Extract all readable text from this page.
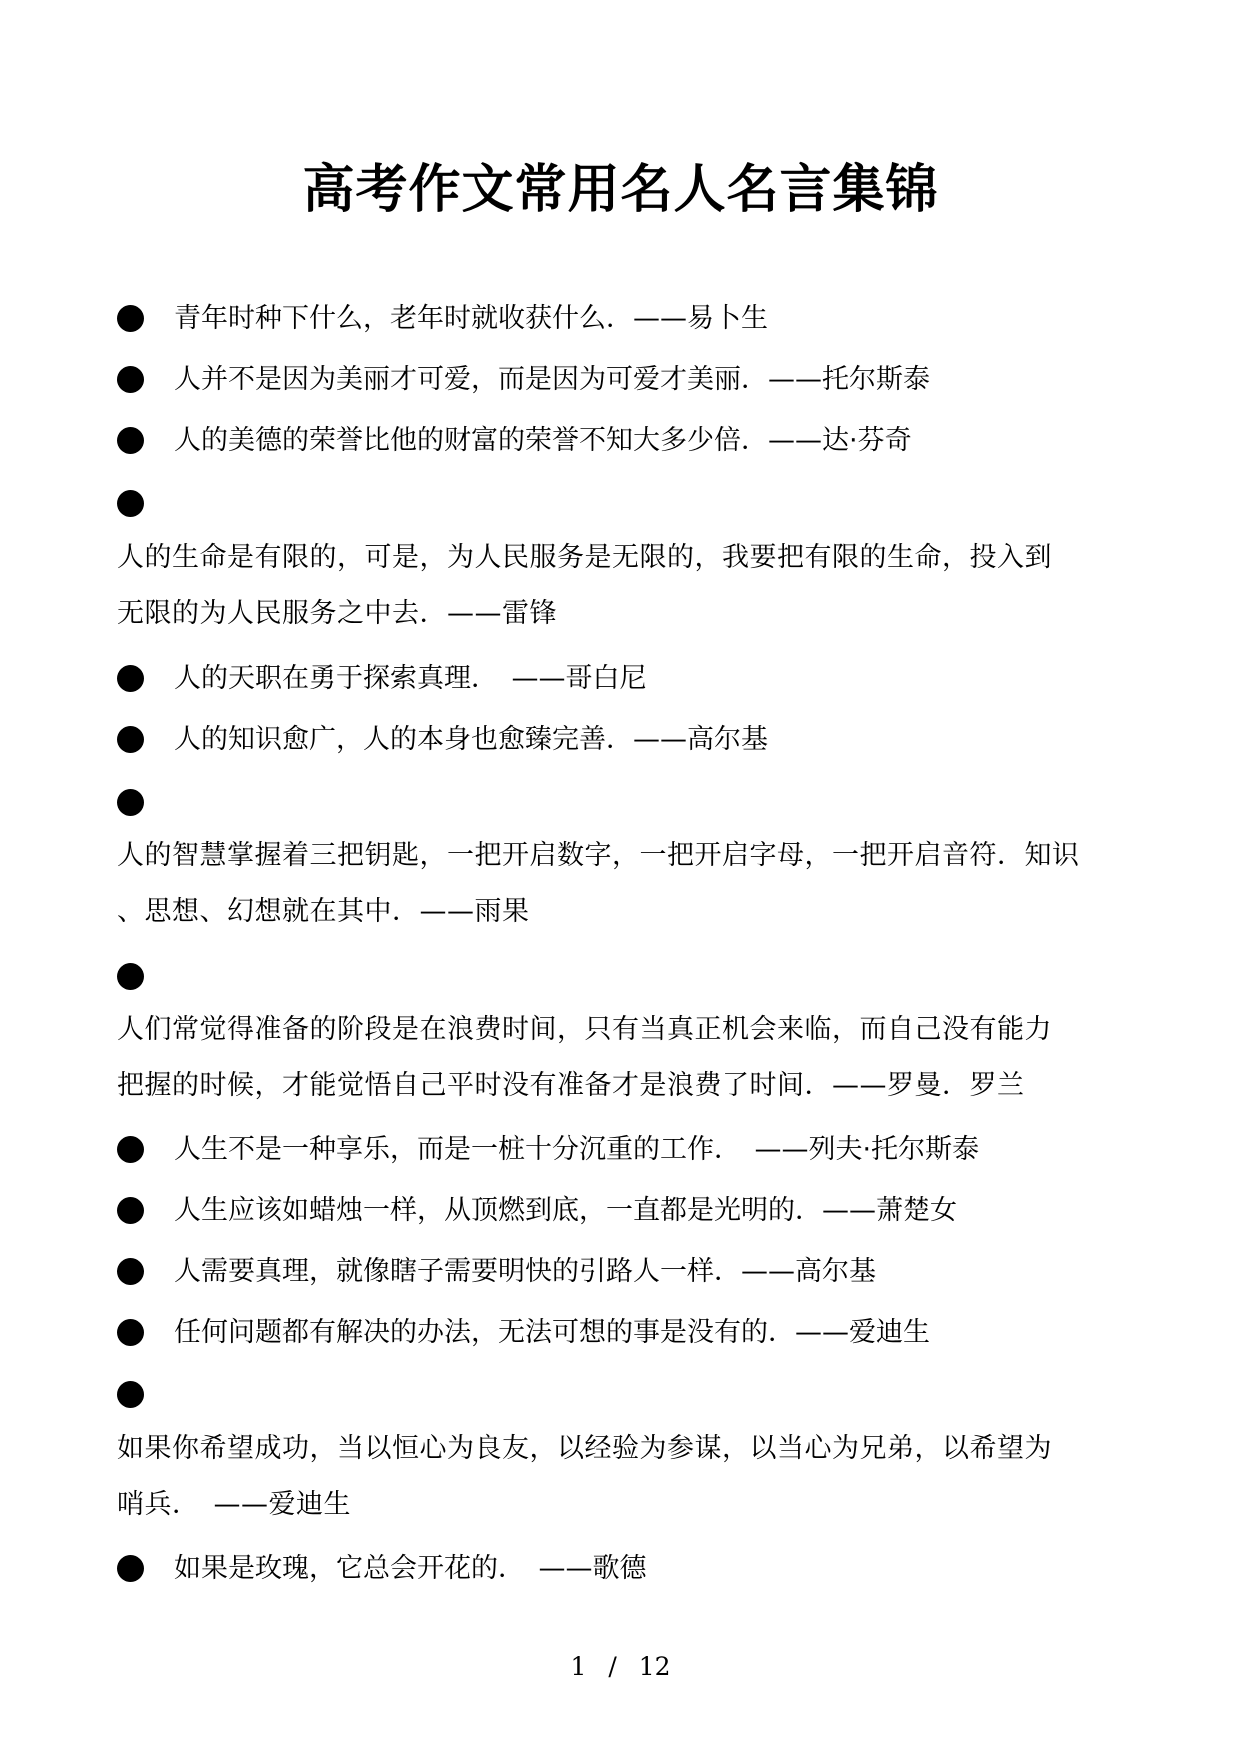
高考作文常用名人名言集锦
青年时种下什么，老年时就收获什么．——易卜生
人并不是因为美丽才可爱，而是因为可爱才美丽．——托尔斯泰
人的美德的荣誉比他的财富的荣誉不知大多少倍．——达·芬奇
人的生命是有限的，可是，为人民服务是无限的，我要把有限的生命，投入到
无限的为人民服务之中去．——雷锋
人的天职在勇于探索真理．　——哥白尼
人的知识愈广，人的本身也愈臻完善．——高尔基
人的智慧掌握着三把钥匙，一把开启数字，一把开启字母，一把开启音符．知识
、思想、幻想就在其中．——雨果
人们常觉得准备的阶段是在浪费时间，只有当真正机会来临，而自己没有能力
把握的时候，才能觉悟自己平时没有准备才是浪费了时间．——罗曼．罗兰
人生不是一种享乐，而是一桩十分沉重的工作．　——列夫·托尔斯泰
人生应该如蜡烛一样，从顶燃到底，一直都是光明的．——萧楚女
人需要真理，就像瞎子需要明快的引路人一样．——高尔基
任何问题都有解决的办法，无法可想的事是没有的．——爱迪生
如果你希望成功，当以恒心为良友，以经验为参谋，以当心为兄弟，以希望为
哨兵．　——爱迪生
如果是玫瑰，它总会开花的．　——歌德
1 / 12
